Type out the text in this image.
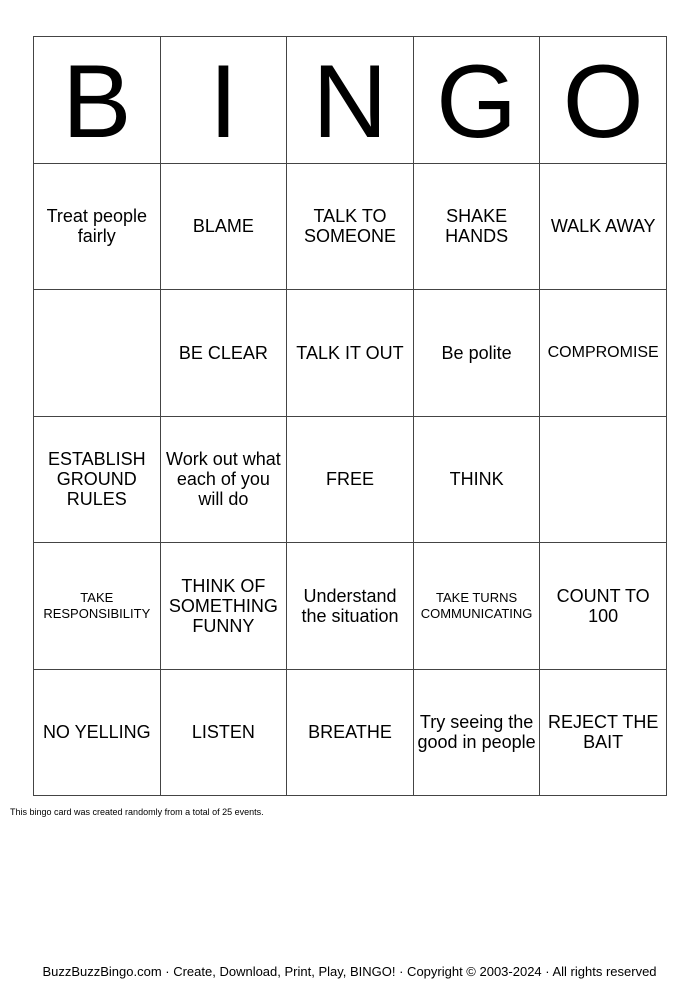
B	I	N	G	O
Treat people fairly	BLAME	TALK TO SOMEONE	SHAKE HANDS	WALK AWAY
	BE CLEAR	TALK IT OUT	Be polite	COMPROMISE
ESTABLISH GROUND RULES	Work out what each of you will do	FREE	THINK	
TAKE RESPONSIBILITY	THINK OF SOMETHING FUNNY	Understand the situation	TAKE TURNS COMMUNICATING	COUNT TO 100
NO YELLING	LISTEN	BREATHE	Try seeing the good in people	REJECT THE BAIT
This bingo card was created randomly from a total of 25 events.
BuzzBuzzBingo.com · Create, Download, Print, Play, BINGO! · Copyright © 2003-2024 · All rights reserved
